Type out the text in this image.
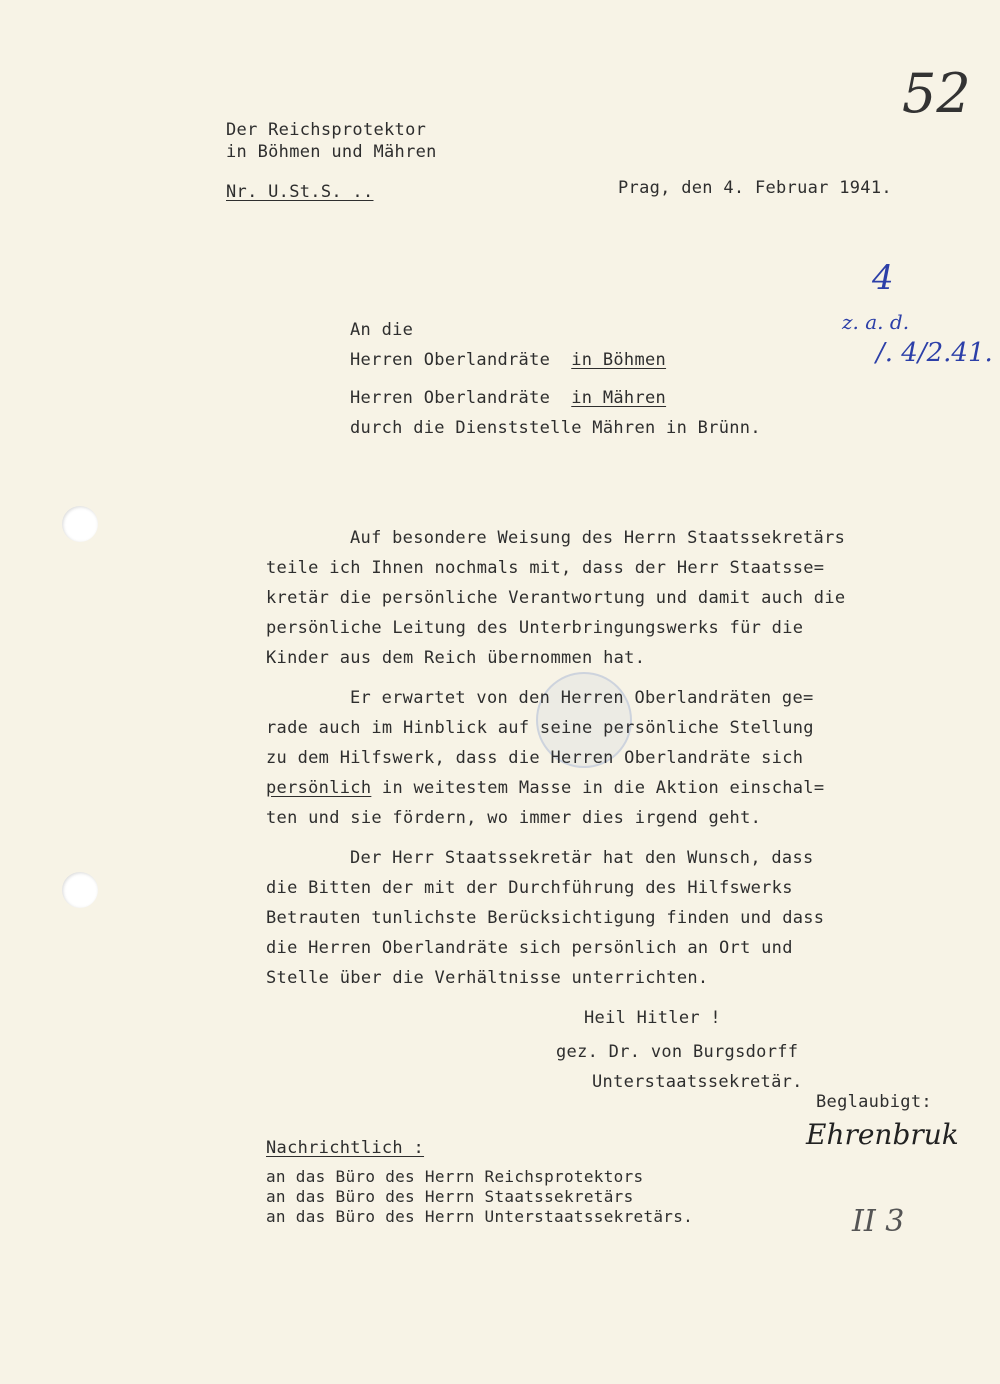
52
Der Reichsprotektor
in Böhmen und Mähren
Nr. U.St.S. ..	Prag, den 4. Februar 1941.
4
z. a. d.
/. 4/2.41.
An die
Herren Oberlandräte in Böhmen
Herren Oberlandräte in Mähren
durch die Dienststelle Mähren in Brünn.
Auf besondere Weisung des Herrn Staatssekretärs
teile ich Ihnen nochmals mit, dass der Herr Staatsse=
kretär die persönliche Verantwortung und damit auch die
persönliche Leitung des Unterbringungswerks für die
Kinder aus dem Reich übernommen hat.
Er erwartet von den Herren Oberlandräten ge=
rade auch im Hinblick auf seine persönliche Stellung
zu dem Hilfswerk, dass die Herren Oberlandräte sich
persönlich in weitestem Masse in die Aktion einschal=
ten und sie fördern, wo immer dies irgend geht.
Der Herr Staatssekretär hat den Wunsch, dass
die Bitten der mit der Durchführung des Hilfswerks
Betrauten tunlichste Berücksichtigung finden und dass
die Herren Oberlandräte sich persönlich an Ort und
Stelle über die Verhältnisse unterrichten.
Heil Hitler !
gez. Dr. von Burgsdorff
Unterstaatssekretär.
Beglaubigt:
Ehrenbruk
Nachrichtlich :
an das Büro des Herrn Reichsprotektors
an das Büro des Herrn Staatssekretärs
an das Büro des Herrn Unterstaatssekretärs.	II 3
